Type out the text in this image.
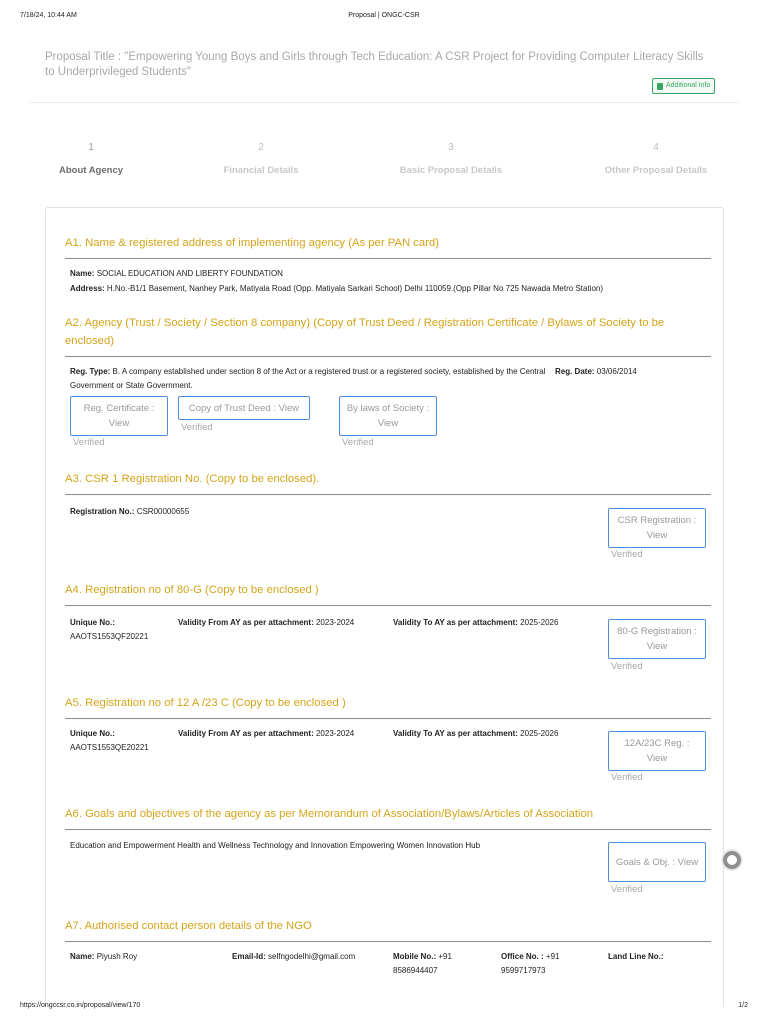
7/18/24, 10:44 AM	Proposal | ONGC-CSR
Proposal Title : "Empowering Young Boys and Girls through Tech Education: A CSR Project for Providing Computer Literacy Skills to Underprivileged Students"
Additional Info
1
About Agency
2
Financial Details
3
Basic Proposal Details
4
Other Proposal Details
A1. Name & registered address of implementing agency (As per PAN card)
Name: SOCIAL EDUCATION AND LIBERTY FOUNDATION
Address: H.No.-B1/1 Basement, Nanhey Park, Matiyala Road (Opp. Matiyala Sarkari School) Delhi 110059.(Opp Pillar No 725 Nawada Metro Station)
A2. Agency (Trust / Society / Section 8 company) (Copy of Trust Deed / Registration Certificate / Bylaws of Society to be enclosed)
Reg. Type: B. A company established under section 8 of the Act or a registered trust or a registered society, established by the Central Government or State Government.
Reg. Date: 03/06/2014
Reg. Certificate : View
Verified
Copy of Trust Deed : View
Verified
By laws of Society : View
Verified
A3. CSR 1 Registration No. (Copy to be enclosed).
Registration No.: CSR00000655
CSR Registration : View
Verified
A4. Registration no of 80-G (Copy to be enclosed )
Unique No.:
AAOTS1553QF20221
Validity From AY as per attachment: 2023-2024	Validity To AY as per attachment: 2025-2026
80-G Registration : View
Verified
A5. Registration no of 12 A /23 C (Copy to be enclosed )
Unique No.:
AAOTS1553QE20221
Validity From AY as per attachment: 2023-2024	Validity To AY as per attachment: 2025-2026
12A/23C Reg. : View
Verified
A6. Goals and objectives of the agency as per Memorandum of Association/Bylaws/Articles of Association
Education and Empowerment Health and Wellness Technology and Innovation Empowering Women Innovation Hub
Goals & Obj. : View
Verified
A7. Authorised contact person details of the NGO
Name: Piyush Roy	Email-Id: selfngodelhi@gmail.com	Mobile No.: +91 8586944407
Office No. : +91 9599717973
Land Line No.:
https://ongccsr.co.in/proposal/view/170	1/2
